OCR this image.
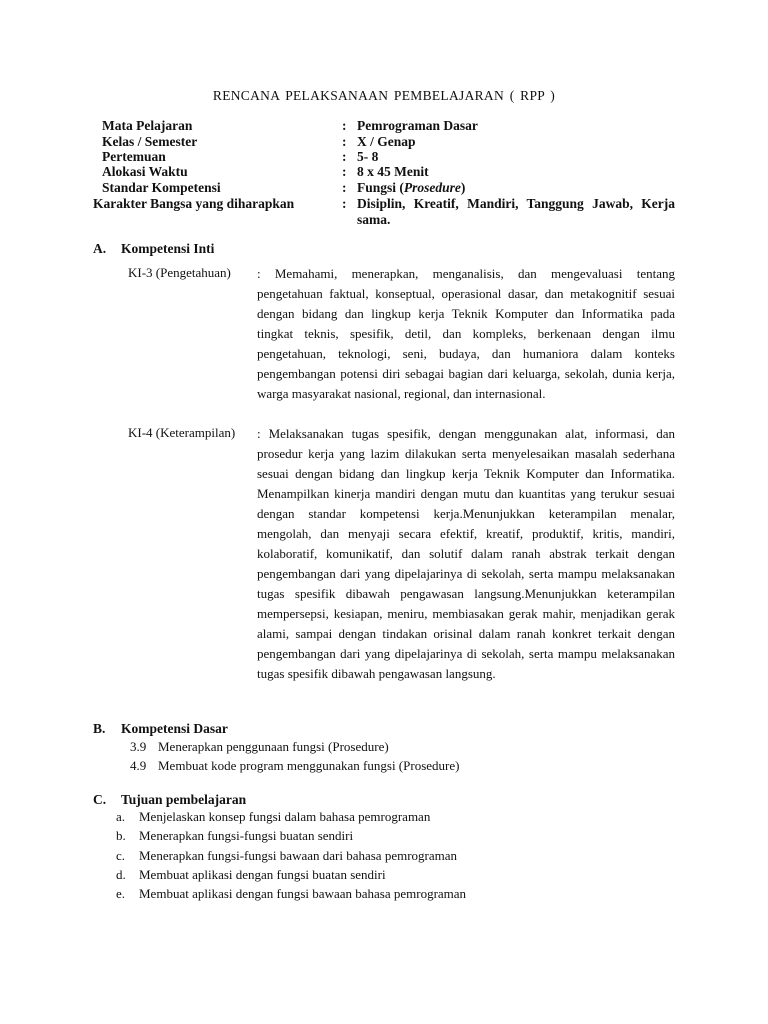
RENCANA PELAKSANAAN PEMBELAJARAN ( RPP )
Mata Pelajaran	: Pemrograman Dasar
Kelas / Semester	: X / Genap
Pertemuan	: 5- 8
Alokasi Waktu	: 8 x 45 Menit
Standar Kompetensi	: Fungsi (Prosedure)
Karakter Bangsa yang diharapkan	: Disiplin, Kreatif, Mandiri, Tanggung Jawab, Kerja sama.
A. Kompetensi Inti
KI-3 (Pengetahuan) : Memahami, menerapkan, menganalisis, dan mengevaluasi tentang pengetahuan faktual, konseptual, operasional dasar, dan metakognitif sesuai dengan bidang dan lingkup kerja Teknik Komputer dan Informatika pada tingkat teknis, spesifik, detil, dan kompleks, berkenaan dengan ilmu pengetahuan, teknologi, seni, budaya, dan humaniora dalam konteks pengembangan potensi diri sebagai bagian dari keluarga, sekolah, dunia kerja, warga masyarakat nasional, regional, dan internasional.
KI-4 (Keterampilan) : Melaksanakan tugas spesifik, dengan menggunakan alat, informasi, dan prosedur kerja yang lazim dilakukan serta menyelesaikan masalah sederhana sesuai dengan bidang dan lingkup kerja Teknik Komputer dan Informatika. Menampilkan kinerja mandiri dengan mutu dan kuantitas yang terukur sesuai dengan standar kompetensi kerja.Menunjukkan keterampilan menalar, mengolah, dan menyaji secara efektif, kreatif, produktif, kritis, mandiri, kolaboratif, komunikatif, dan solutif dalam ranah abstrak terkait dengan pengembangan dari yang dipelajarinya di sekolah, serta mampu melaksanakan tugas spesifik dibawah pengawasan langsung.Menunjukkan keterampilan mempersepsi, kesiapan, meniru, membiasakan gerak mahir, menjadikan gerak alami, sampai dengan tindakan orisinal dalam ranah konkret terkait dengan pengembangan dari yang dipelajarinya di sekolah, serta mampu melaksanakan tugas spesifik dibawah pengawasan langsung.
B. Kompetensi Dasar
3.9 Menerapkan penggunaan fungsi (Prosedure)
4.9 Membuat kode program menggunakan fungsi (Prosedure)
C. Tujuan pembelajaran
a. Menjelaskan konsep fungsi dalam bahasa pemrograman
b. Menerapkan fungsi-fungsi buatan sendiri
c. Menerapkan fungsi-fungsi bawaan dari bahasa pemrograman
d. Membuat aplikasi dengan fungsi buatan sendiri
e. Membuat aplikasi dengan fungsi bawaan bahasa pemrograman
